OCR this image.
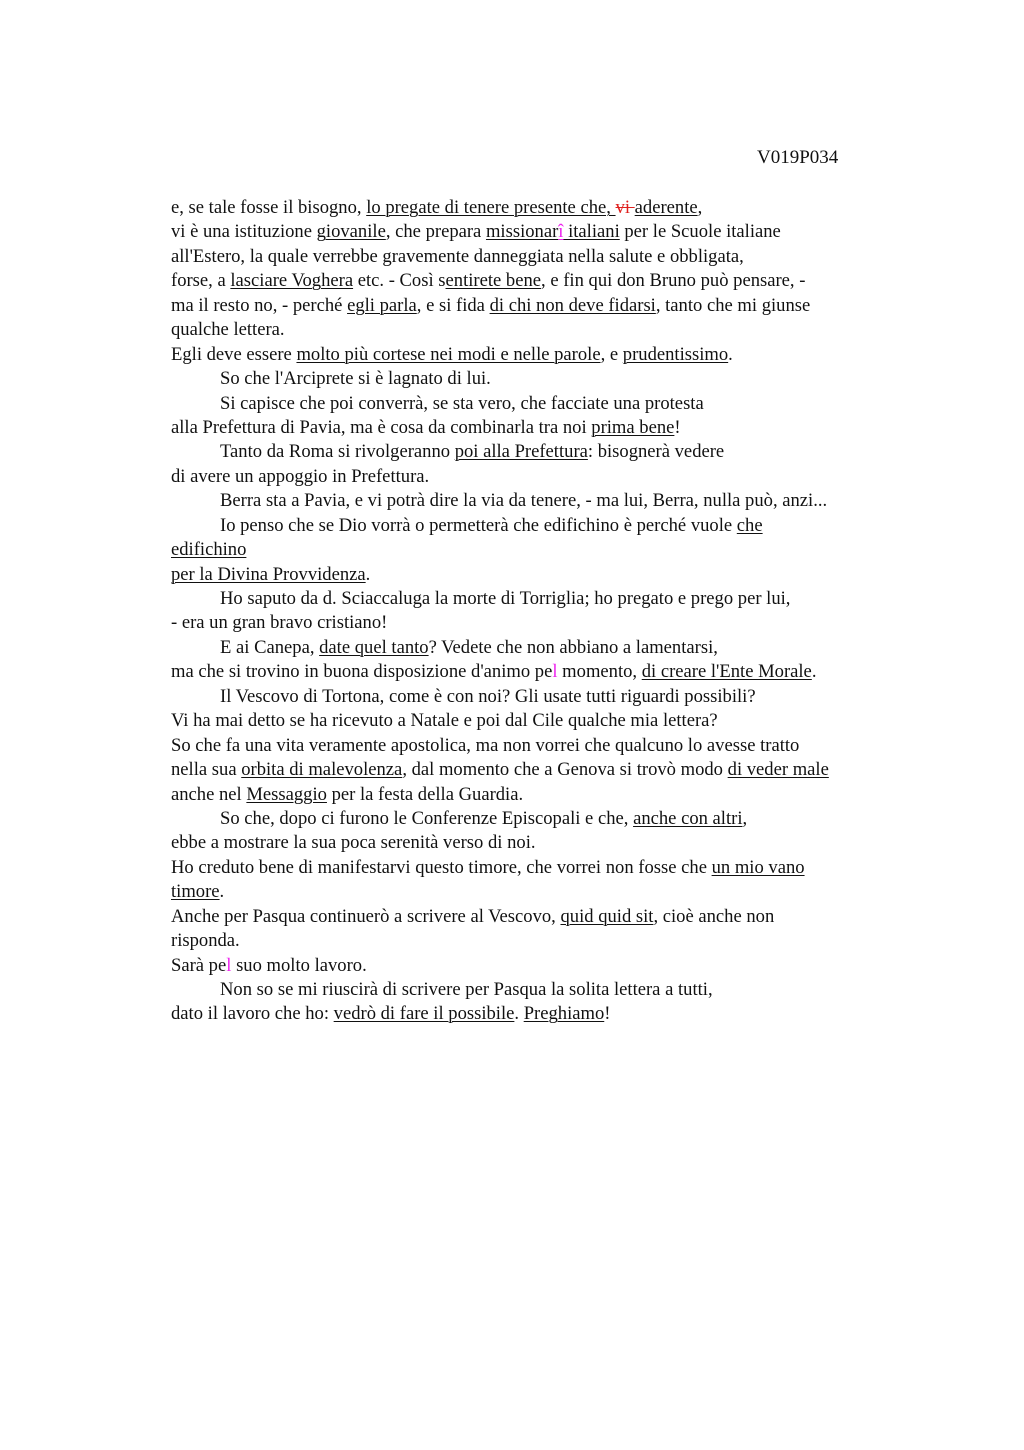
V019P034
e, se tale fosse il bisogno, lo pregate di tenere presente che, vi aderente,
vi è una istituzione giovanile, che prepara missionarî italiani per le Scuole italiane
all'Estero, la quale verrebbe gravemente danneggiata nella salute e obbligata,
forse, a lasciare Voghera etc. - Così sentirete bene, e fin qui don Bruno può pensare, -
ma il resto no, - perché egli parla, e si fida di chi non deve fidarsi, tanto che mi giunse
qualche lettera.
Egli deve essere molto più cortese nei modi e nelle parole, e prudentissimo.
So che l'Arciprete si è lagnato di lui.
Si capisce che poi converrà, se sta vero, che facciate una protesta
alla Prefettura di Pavia, ma è cosa da combinarla tra noi prima bene!
Tanto da Roma si rivolgeranno poi alla Prefettura: bisognerà vedere
di avere un appoggio in Prefettura.
Berra sta a Pavia, e vi potrà dire la via da tenere, - ma lui, Berra, nulla può, anzi...
Io penso che se Dio vorrà o permetterà che edifichino è perché vuole che
edifichino
per la Divina Provvidenza.
Ho saputo da d. Sciaccaluga la morte di Torriglia; ho pregato e prego per lui,
- era un gran bravo cristiano!
E ai Canepa, date quel tanto? Vedete che non abbiano a lamentarsi,
ma che si trovino in buona disposizione d'animo pel momento, di creare l'Ente Morale.
Il Vescovo di Tortona, come è con noi? Gli usate tutti riguardi possibili?
Vi ha mai detto se ha ricevuto a Natale e poi dal Cile qualche mia lettera?
So che fa una vita veramente apostolica, ma non vorrei che qualcuno lo avesse tratto
nella sua orbita di malevolenza, dal momento che a Genova si trovò modo di veder male
anche nel Messaggio per la festa della Guardia.
So che, dopo ci furono le Conferenze Episcopali e che, anche con altri,
ebbe a mostrare la sua poca serenità verso di noi.
Ho creduto bene di manifestarvi questo timore, che vorrei non fosse che un mio vano
timore.
Anche per Pasqua continuerò a scrivere al Vescovo, quid quid sit, cioè anche non
risponda.
Sarà pel suo molto lavoro.
Non so se mi riuscirà di scrivere per Pasqua la solita lettera a tutti,
dato il lavoro che ho: vedrò di fare il possibile. Preghiamo!
